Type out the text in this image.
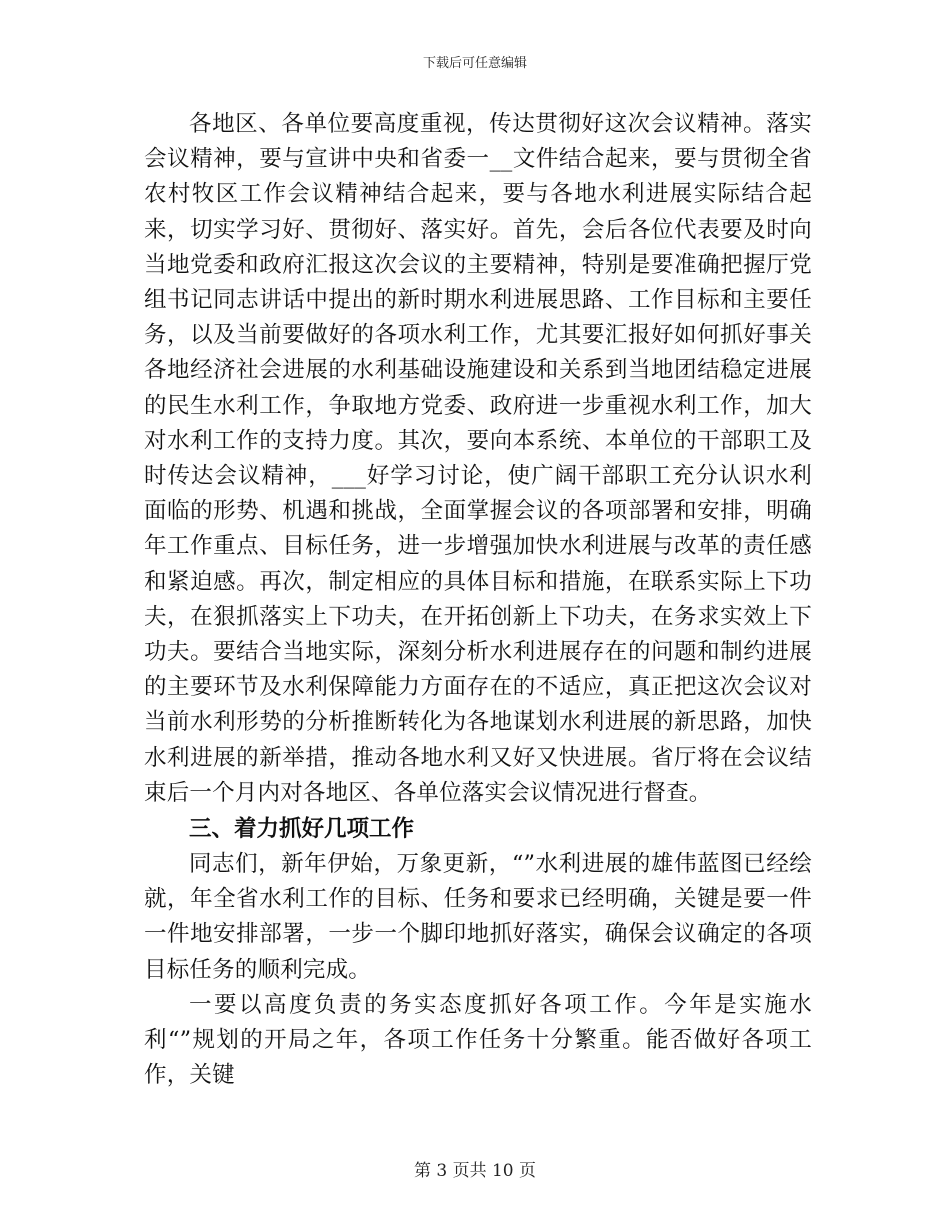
下载后可任意编辑

各地区、各单位要高度重视，传达贯彻好这次会议精神。落实会议精神，要与宣讲中央和省委一__文件结合起来，要与贯彻全省农村牧区工作会议精神结合起来，要与各地水利进展实际结合起来，切实学习好、贯彻好、落实好。首先，会后各位代表要及时向当地党委和政府汇报这次会议的主要精神，特别是要准确把握厅党组书记同志讲话中提出的新时期水利进展思路、工作目标和主要任务，以及当前要做好的各项水利工作，尤其要汇报好如何抓好事关各地经济社会进展的水利基础设施建设和关系到当地团结稳定进展的民生水利工作，争取地方党委、政府进一步重视水利工作，加大对水利工作的支持力度。其次，要向本系统、本单位的干部职工及时传达会议精神，___好学习讨论，使广阔干部职工充分认识水利面临的形势、机遇和挑战，全面掌握会议的各项部署和安排，明确年工作重点、目标任务，进一步增强加快水利进展与改革的责任感和紧迫感。再次，制定相应的具体目标和措施，在联系实际上下功夫，在狠抓落实上下功夫，在开拓创新上下功夫，在务求实效上下功夫。要结合当地实际，深刻分析水利进展存在的问题和制约进展的主要环节及水利保障能力方面存在的不适应，真正把这次会议对当前水利形势的分析推断转化为各地谋划水利进展的新思路，加快水利进展的新举措，推动各地水利又好又快进展。省厅将在会议结束后一个月内对各地区、各单位落实会议情况进行督查。

三、着力抓好几项工作

同志们，新年伊始，万象更新，“”水利进展的雄伟蓝图已经绘就，年全省水利工作的目标、任务和要求已经明确，关键是要一件一件地安排部署，一步一个脚印地抓好落实，确保会议确定的各项目标任务的顺利完成。

一要以高度负责的务实态度抓好各项工作。今年是实施水利“”规划的开局之年，各项工作任务十分繁重。能否做好各项工作，关键

第 3 页共 10 页
